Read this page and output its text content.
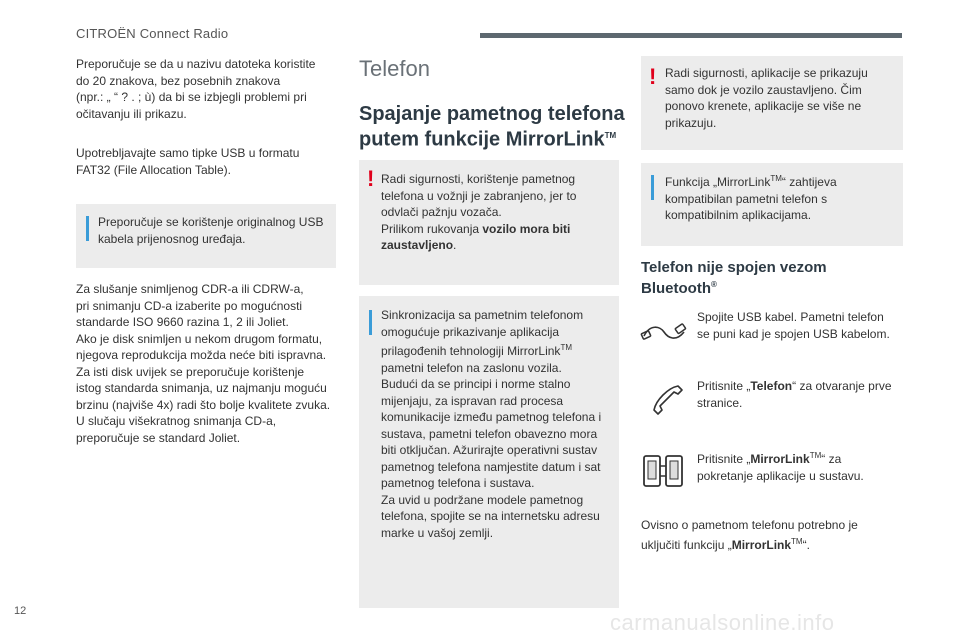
CITROËN Connect Radio

Preporučuje se da u nazivu datoteka koristite

do 20 znakova, bez posebnih znakova

(npr.: „ “ ? . ; ù) da bi se izbjegli problemi pri

očitavanju ili prikazu.

Upotrebljavajte samo tipke USB u formatu

FAT32 (File Allocation Table).

Preporučuje se korištenje originalnog USB
kabela prijenosnog uređaja.

Za slušanje snimljenog CDR-a ili CDRW-a,

pri snimanju CD-a izaberite po mogućnosti

standarde ISO 9660 razina 1, 2 ili Joliet.

Ako je disk snimljen u nekom drugom formatu,

njegova reprodukcija možda neće biti ispravna.

Za isti disk uvijek se preporučuje korištenje

istog standarda snimanja, uz najmanju moguću

brzinu (najviše 4x) radi što bolje kvalitete zvuka.

U slučaju višekratnog snimanja CD-a,

preporučuje se standard Joliet.

Telefon
Spajanje pametnog telefona
putem funkcije MirrorLink™
! Radi sigurnosti, korištenje pametnog
telefona u vožnji je zabranjeno, jer to
odvlači pažnju vozača.
Prilikom rukovanja vozilo mora biti
zaustavljeno.
Sinkronizacija sa pametnim telefonom
omogućuje prikazivanje aplikacija
prilagođenih tehnologiji MirrorLink™
pametni telefon na zaslonu vozila.
Budući da se principi i norme stalno
mijenjaju, za ispravan rad procesa
komunikacije između pametnog telefona i
sustava, pametni telefon obavezno mora
biti otključan. Ažurirajte operativni sustav
pametnog telefona namjestite datum i sat
pametnog telefona i sustava.
Za uvid u podržane modele pametnog
telefona, spojite se na internetsku adresu
marke u vašoj zemlji.
! Radi sigurnosti, aplikacije se prikazuju
samo dok je vozilo zaustavljeno. Čim
ponovo krenete, aplikacije se više ne
prikazuju.
Funkcija „MirrorLink™“ zahtijeva
kompatibilan pametni telefon s
kompatibilnim aplikacijama.
Telefon nije spojen vezom
Bluetooth®
Spojite USB kabel. Pametni telefon
se puni kad je spojen USB kabelom.
Pritisnite „Telefon“ za otvaranje prve
stranice.
Pritisnite „MirrorLink™“ za
pokretanje aplikacije u sustavu.
Ovisno o pametnom telefonu potrebno je
uključiti funkciju „MirrorLink™“.
12	carmanualsonline.info
